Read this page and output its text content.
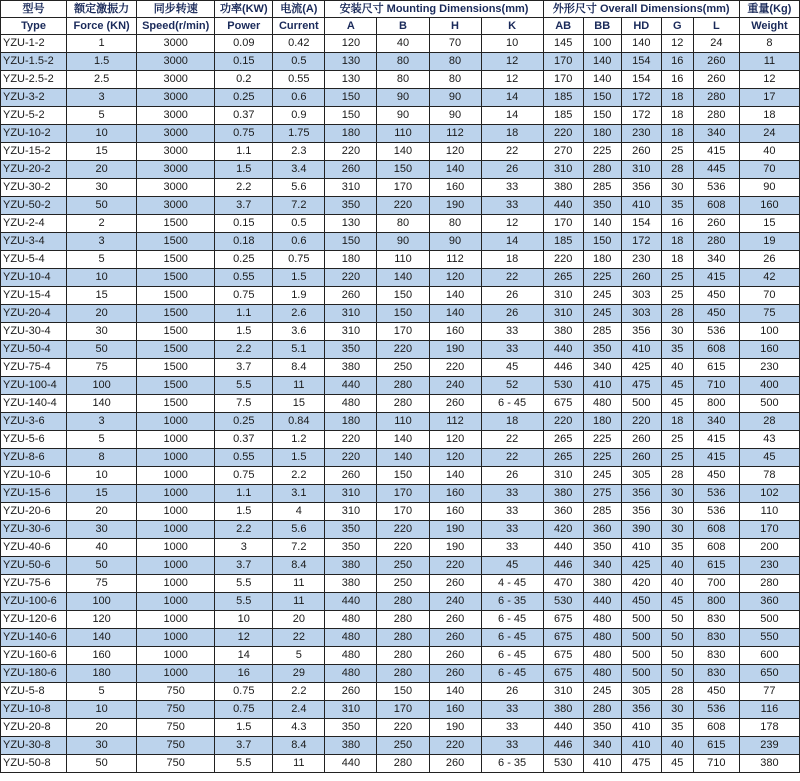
型号	额定激振力	同步转速	功率(KW)	电流(A)	安装尺寸 Mounting Dimensions(mm)				外形尺寸 Overall Dimensions(mm)					重量(Kg)
Type	Force (KN)	Speed(r/min)	Power	Current	A	B	H	K	AB	BB	HD	G	L	Weight
YZU-1-2	1	3000	0.09	0.42	120	40	70	10	145	100	140	12	24	8
YZU-1.5-2	1.5	3000	0.15	0.5	130	80	80	12	170	140	154	16	260	11
YZU-2.5-2	2.5	3000	0.2	0.55	130	80	80	12	170	140	154	16	260	12
YZU-3-2	3	3000	0.25	0.6	150	90	90	14	185	150	172	18	280	17
YZU-5-2	5	3000	0.37	0.9	150	90	90	14	185	150	172	18	280	18
YZU-10-2	10	3000	0.75	1.75	180	110	112	18	220	180	230	18	340	24
YZU-15-2	15	3000	1.1	2.3	220	140	120	22	270	225	260	25	415	40
YZU-20-2	20	3000	1.5	3.4	260	150	140	26	310	280	310	28	445	70
YZU-30-2	30	3000	2.2	5.6	310	170	160	33	380	285	356	30	536	90
YZU-50-2	50	3000	3.7	7.2	350	220	190	33	440	350	410	35	608	160
YZU-2-4	2	1500	0.15	0.5	130	80	80	12	170	140	154	16	260	15
YZU-3-4	3	1500	0.18	0.6	150	90	90	14	185	150	172	18	280	19
YZU-5-4	5	1500	0.25	0.75	180	110	112	18	220	180	230	18	340	26
YZU-10-4	10	1500	0.55	1.5	220	140	120	22	265	225	260	25	415	42
YZU-15-4	15	1500	0.75	1.9	260	150	140	26	310	245	303	25	450	70
YZU-20-4	20	1500	1.1	2.6	310	150	140	26	310	245	303	28	450	75
YZU-30-4	30	1500	1.5	3.6	310	170	160	33	380	285	356	30	536	100
YZU-50-4	50	1500	2.2	5.1	350	220	190	33	440	350	410	35	608	160
YZU-75-4	75	1500	3.7	8.4	380	250	220	45	446	340	425	40	615	230
YZU-100-4	100	1500	5.5	11	440	280	240	52	530	410	475	45	710	400
YZU-140-4	140	1500	7.5	15	480	280	260	6 - 45	675	480	500	45	800	500
YZU-3-6	3	1000	0.25	0.84	180	110	112	18	220	180	220	18	340	28
YZU-5-6	5	1000	0.37	1.2	220	140	120	22	265	225	260	25	415	43
YZU-8-6	8	1000	0.55	1.5	220	140	120	22	265	225	260	25	415	45
YZU-10-6	10	1000	0.75	2.2	260	150	140	26	310	245	305	28	450	78
YZU-15-6	15	1000	1.1	3.1	310	170	160	33	380	275	356	30	536	102
YZU-20-6	20	1000	1.5	4	310	170	160	33	360	285	356	30	536	110
YZU-30-6	30	1000	2.2	5.6	350	220	190	33	420	360	390	30	608	170
YZU-40-6	40	1000	3	7.2	350	220	190	33	440	350	410	35	608	200
YZU-50-6	50	1000	3.7	8.4	380	250	220	45	446	340	425	40	615	230
YZU-75-6	75	1000	5.5	11	380	250	260	4 - 45	470	380	420	40	700	280
YZU-100-6	100	1000	5.5	11	440	280	240	6 - 35	530	440	450	45	800	360
YZU-120-6	120	1000	10	20	480	280	260	6 - 45	675	480	500	50	830	500
YZU-140-6	140	1000	12	22	480	280	260	6 - 45	675	480	500	50	830	550
YZU-160-6	160	1000	14	5	480	280	260	6 - 45	675	480	500	50	830	600
YZU-180-6	180	1000	16	29	480	280	260	6 - 45	675	480	500	50	830	650
YZU-5-8	5	750	0.75	2.2	260	150	140	26	310	245	305	28	450	77
YZU-10-8	10	750	0.75	2.4	310	170	160	33	380	280	356	30	536	116
YZU-20-8	20	750	1.5	4.3	350	220	190	33	440	350	410	35	608	178
YZU-30-8	30	750	3.7	8.4	380	250	220	33	446	340	410	40	615	239
YZU-50-8	50	750	5.5	11	440	280	260	6 - 35	530	410	475	45	710	380
